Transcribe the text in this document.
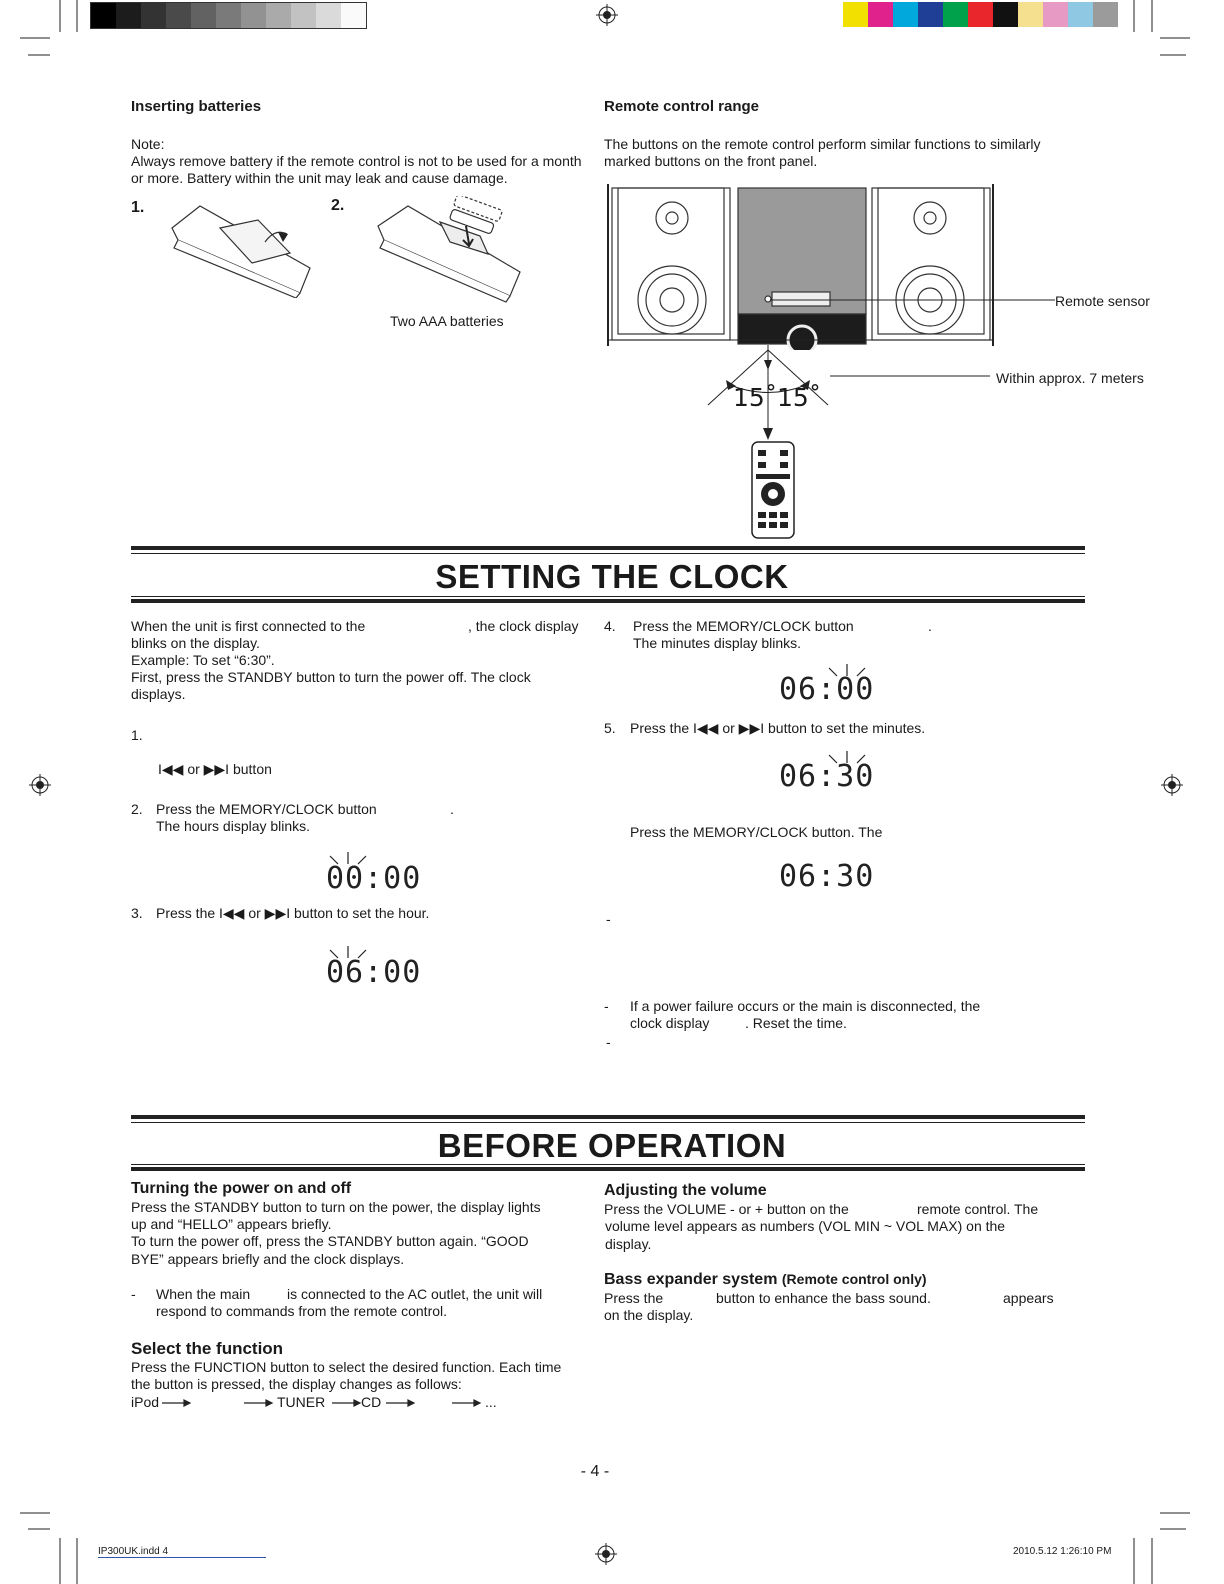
Inserting batteries
Note:
Always remove battery if the remote control is not to be used for a month
or more. Battery within the unit may leak and cause damage.
1.	2.
Two AAA batteries
Remote control range
The buttons on the remote control perform similar functions to similarly
marked buttons on the front panel.
Remote sensor
Within approx. 7 meters
15˚ 15˚
SETTING THE CLOCK
When the unit is first connected to the	, the clock display
blinks on the display.
Example: To set “6:30”.
First, press the STANDBY button to turn the power off. The clock
displays.
1.
I◀◀ or ▶▶I button
2. Press the MEMORY/CLOCK button	.
The hours display blinks.
00:00
3. Press the I◀◀ or ▶▶I button to set the hour.
06:00
4. Press the MEMORY/CLOCK button	.
The minutes display blinks.
06:00
5. Press the I◀◀ or ▶▶I button to set the minutes.
06:30
Press the MEMORY/CLOCK button. The
06:30
-
- If a power failure occurs or the main is disconnected, the
clock display	. Reset the time.
-
BEFORE OPERATION
Turning the power on and off
Press the STANDBY button to turn on the power, the display lights
up and “HELLO” appears briefly.
To turn the power off, press the STANDBY button again. “GOOD
BYE” appears briefly and the clock displays.
- When the main	is connected to the AC outlet, the unit will
respond to commands from the remote control.
Select the function
Press the FUNCTION button to select the desired function. Each time
the button is pressed, the display changes as follows:
iPod	TUNER	CD	...
Adjusting the volume
Press the VOLUME - or + button on the	remote control. The
volume level appears as numbers (VOL MIN ~ VOL MAX) on the
display.
Bass expander system (Remote control only)
Press the	button to enhance the bass sound.	appears
on the display.
- 4 -
IP300UK.indd 4	2010.5.12 1:26:10 PM
